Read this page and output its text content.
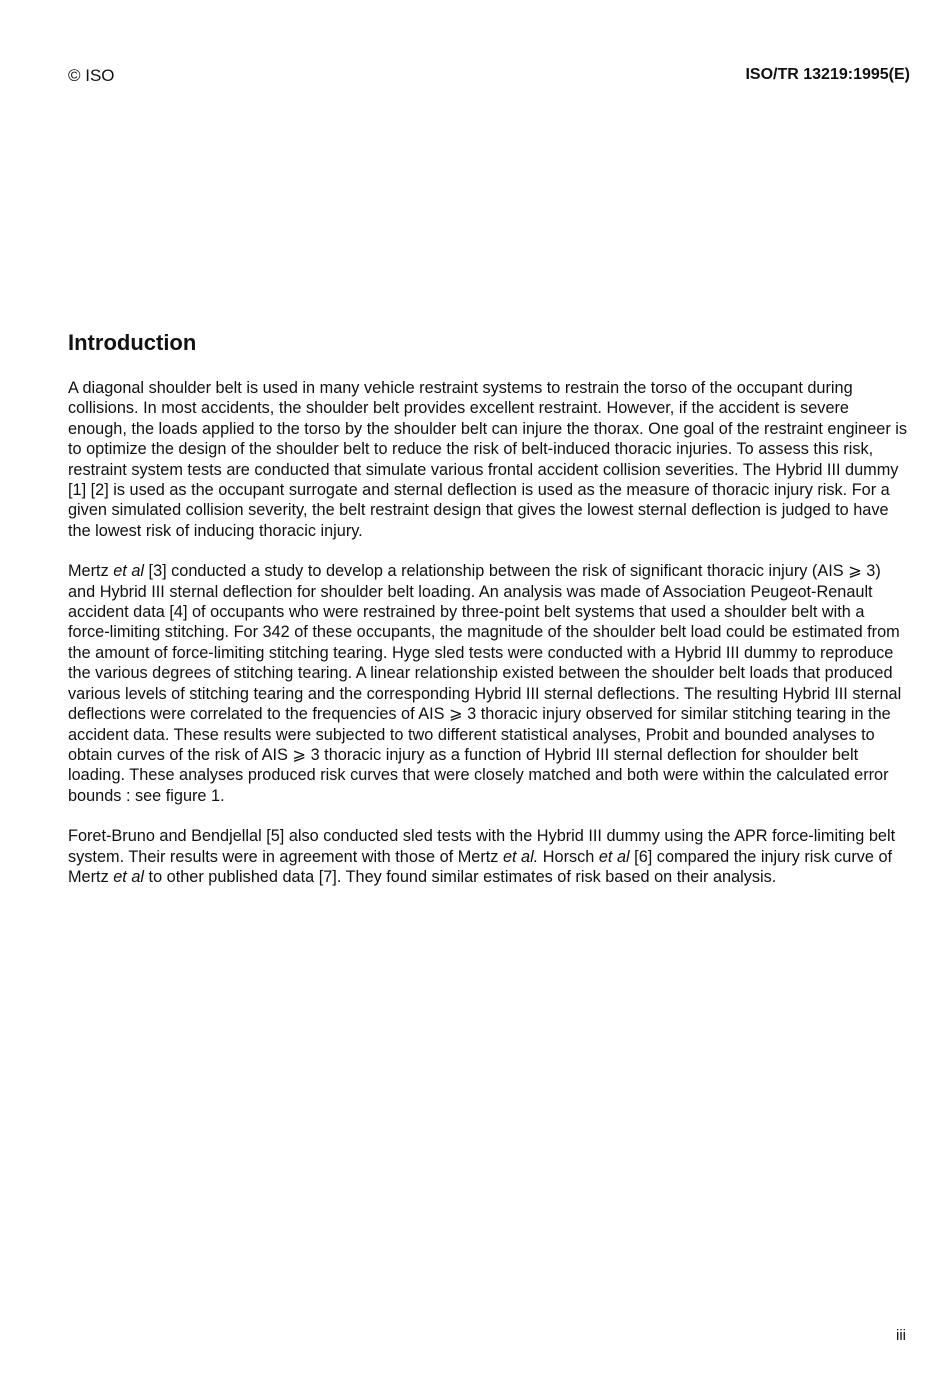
© ISO	ISO/TR 13219:1995(E)
Introduction

A diagonal shoulder belt is used in many vehicle restraint systems to restrain the torso of the occupant during collisions. In most accidents, the shoulder belt provides excellent restraint. However, if the accident is severe enough, the loads applied to the torso by the shoulder belt can injure the thorax. One goal of the restraint engineer is to optimize the design of the shoulder belt to reduce the risk of belt-induced thoracic injuries. To assess this risk, restraint system tests are conducted that simulate various frontal accident collision severities. The Hybrid III dummy [1] [2] is used as the occupant surrogate and sternal deflection is used as the measure of thoracic injury risk. For a given simulated collision severity, the belt restraint design that gives the lowest sternal deflection is judged to have the lowest risk of inducing thoracic injury.

Mertz et al [3] conducted a study to develop a relationship between the risk of significant thoracic injury (AIS ⩾ 3) and Hybrid III sternal deflection for shoulder belt loading. An analysis was made of Association Peugeot-Renault accident data [4] of occupants who were restrained by three-point belt systems that used a shoulder belt with a force-limiting stitching. For 342 of these occupants, the magnitude of the shoulder belt load could be estimated from the amount of force-limiting stitching tearing. Hyge sled tests were conducted with a Hybrid III dummy to reproduce the various degrees of stitching tearing. A linear relationship existed between the shoulder belt loads that produced various levels of stitching tearing and the corresponding Hybrid III sternal deflections. The resulting Hybrid III sternal deflections were correlated to the frequencies of AIS ⩾ 3 thoracic injury observed for similar stitching tearing in the accident data. These results were subjected to two different statistical analyses, Probit and bounded analyses to obtain curves of the risk of AIS ⩾ 3 thoracic injury as a function of Hybrid III sternal deflection for shoulder belt loading. These analyses produced risk curves that were closely matched and both were within the calculated error bounds : see figure 1.

Foret-Bruno and Bendjellal [5] also conducted sled tests with the Hybrid III dummy using the APR force-limiting belt system. Their results were in agreement with those of Mertz et al. Horsch et al [6] compared the injury risk curve of Mertz et al to other published data [7]. They found similar estimates of risk based on their analysis.

iii
